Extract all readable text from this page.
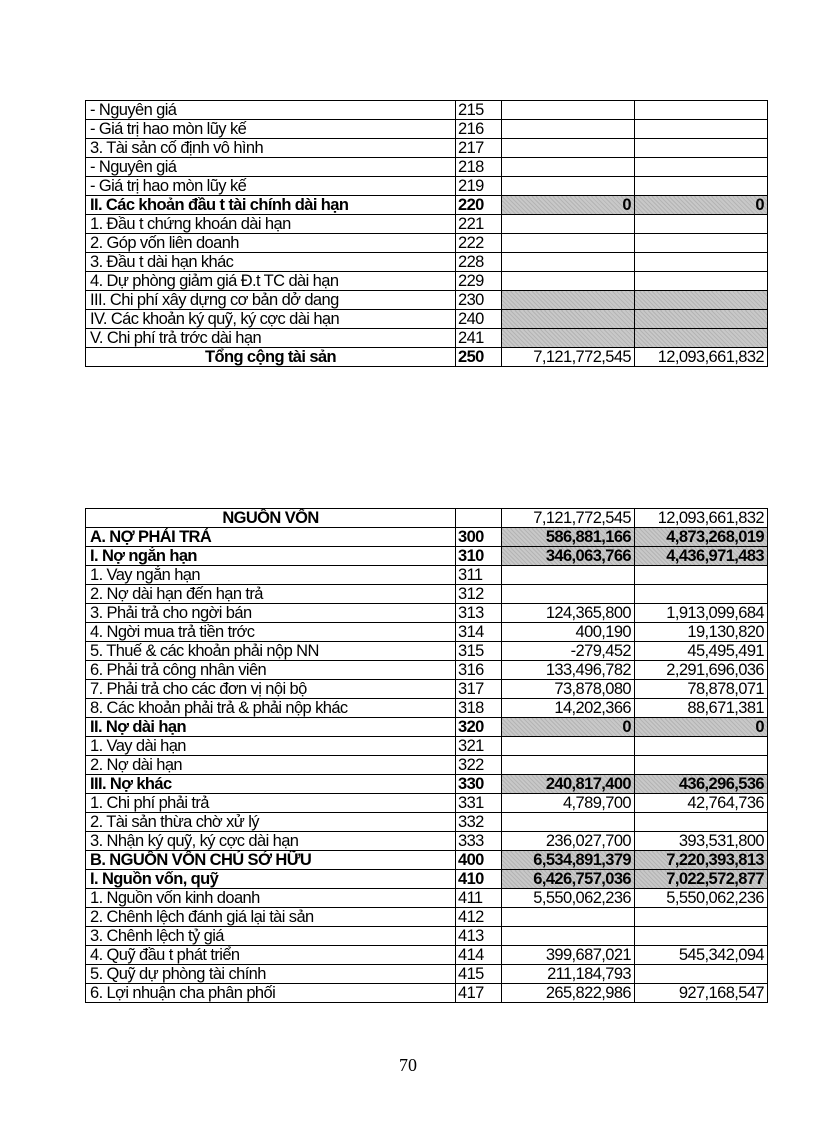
- Nguyên giá	215		
- Giá trị hao mòn lũy kế	216		
3. Tài sản cố định vô hình	217		
- Nguyên giá	218		
- Giá trị hao mòn lũy kế	219		
II. Các khoản đầu t tài chính dài hạn	220	0	0
1. Đầu t chứng khoán dài hạn	221		
2. Góp vốn liên doanh	222		
3. Đầu t dài hạn khác	228		
4. Dự phòng giảm giá Đ.t TC dài hạn	229		
III. Chi phí xây dựng cơ bản dở dang	230		
IV. Các khoản ký quỹ, ký cợc dài hạn	240		
V. Chi phí trả trớc dài hạn	241		
Tổng cộng tài sản	250	7,121,772,545	12,093,661,832
NGUỒN VỐN		7,121,772,545	12,093,661,832
A. NỢ PHẢI TRẢ	300	586,881,166	4,873,268,019
I. Nợ ngắn hạn	310	346,063,766	4,436,971,483
1. Vay ngắn hạn	311		
2. Nợ dài hạn đến hạn trả	312		
3. Phải trả cho ngời bán	313	124,365,800	1,913,099,684
4. Ngời mua trả tiền trớc	314	400,190	19,130,820
5. Thuế & các khoản phải nộp NN	315	-279,452	45,495,491
6. Phải trả công nhân viên	316	133,496,782	2,291,696,036
7. Phải trả cho các đơn vị nội bộ	317	73,878,080	78,878,071
8. Các khoản phải trả & phải nộp khác	318	14,202,366	88,671,381
II. Nợ dài hạn	320	0	0
1. Vay dài hạn	321		
2. Nợ dài hạn	322		
III. Nợ khác	330	240,817,400	436,296,536
1. Chi phí phải trả	331	4,789,700	42,764,736
2. Tài sản thừa chờ xử lý	332		
3. Nhận ký quỹ, ký cợc dài hạn	333	236,027,700	393,531,800
B. NGUỒN VỐN CHỦ SỞ HỮU	400	6,534,891,379	7,220,393,813
I. Nguồn vốn, quỹ	410	6,426,757,036	7,022,572,877
1. Nguồn vốn kinh doanh	411	5,550,062,236	5,550,062,236
2. Chênh lệch đánh giá lại tài sản	412		
3. Chênh lệch tỷ giá	413		
4. Quỹ đầu t phát triển	414	399,687,021	545,342,094
5. Quỹ dự phòng tài chính	415	211,184,793	
6. Lợi nhuận cha phân phối	417	265,822,986	927,168,547
70
